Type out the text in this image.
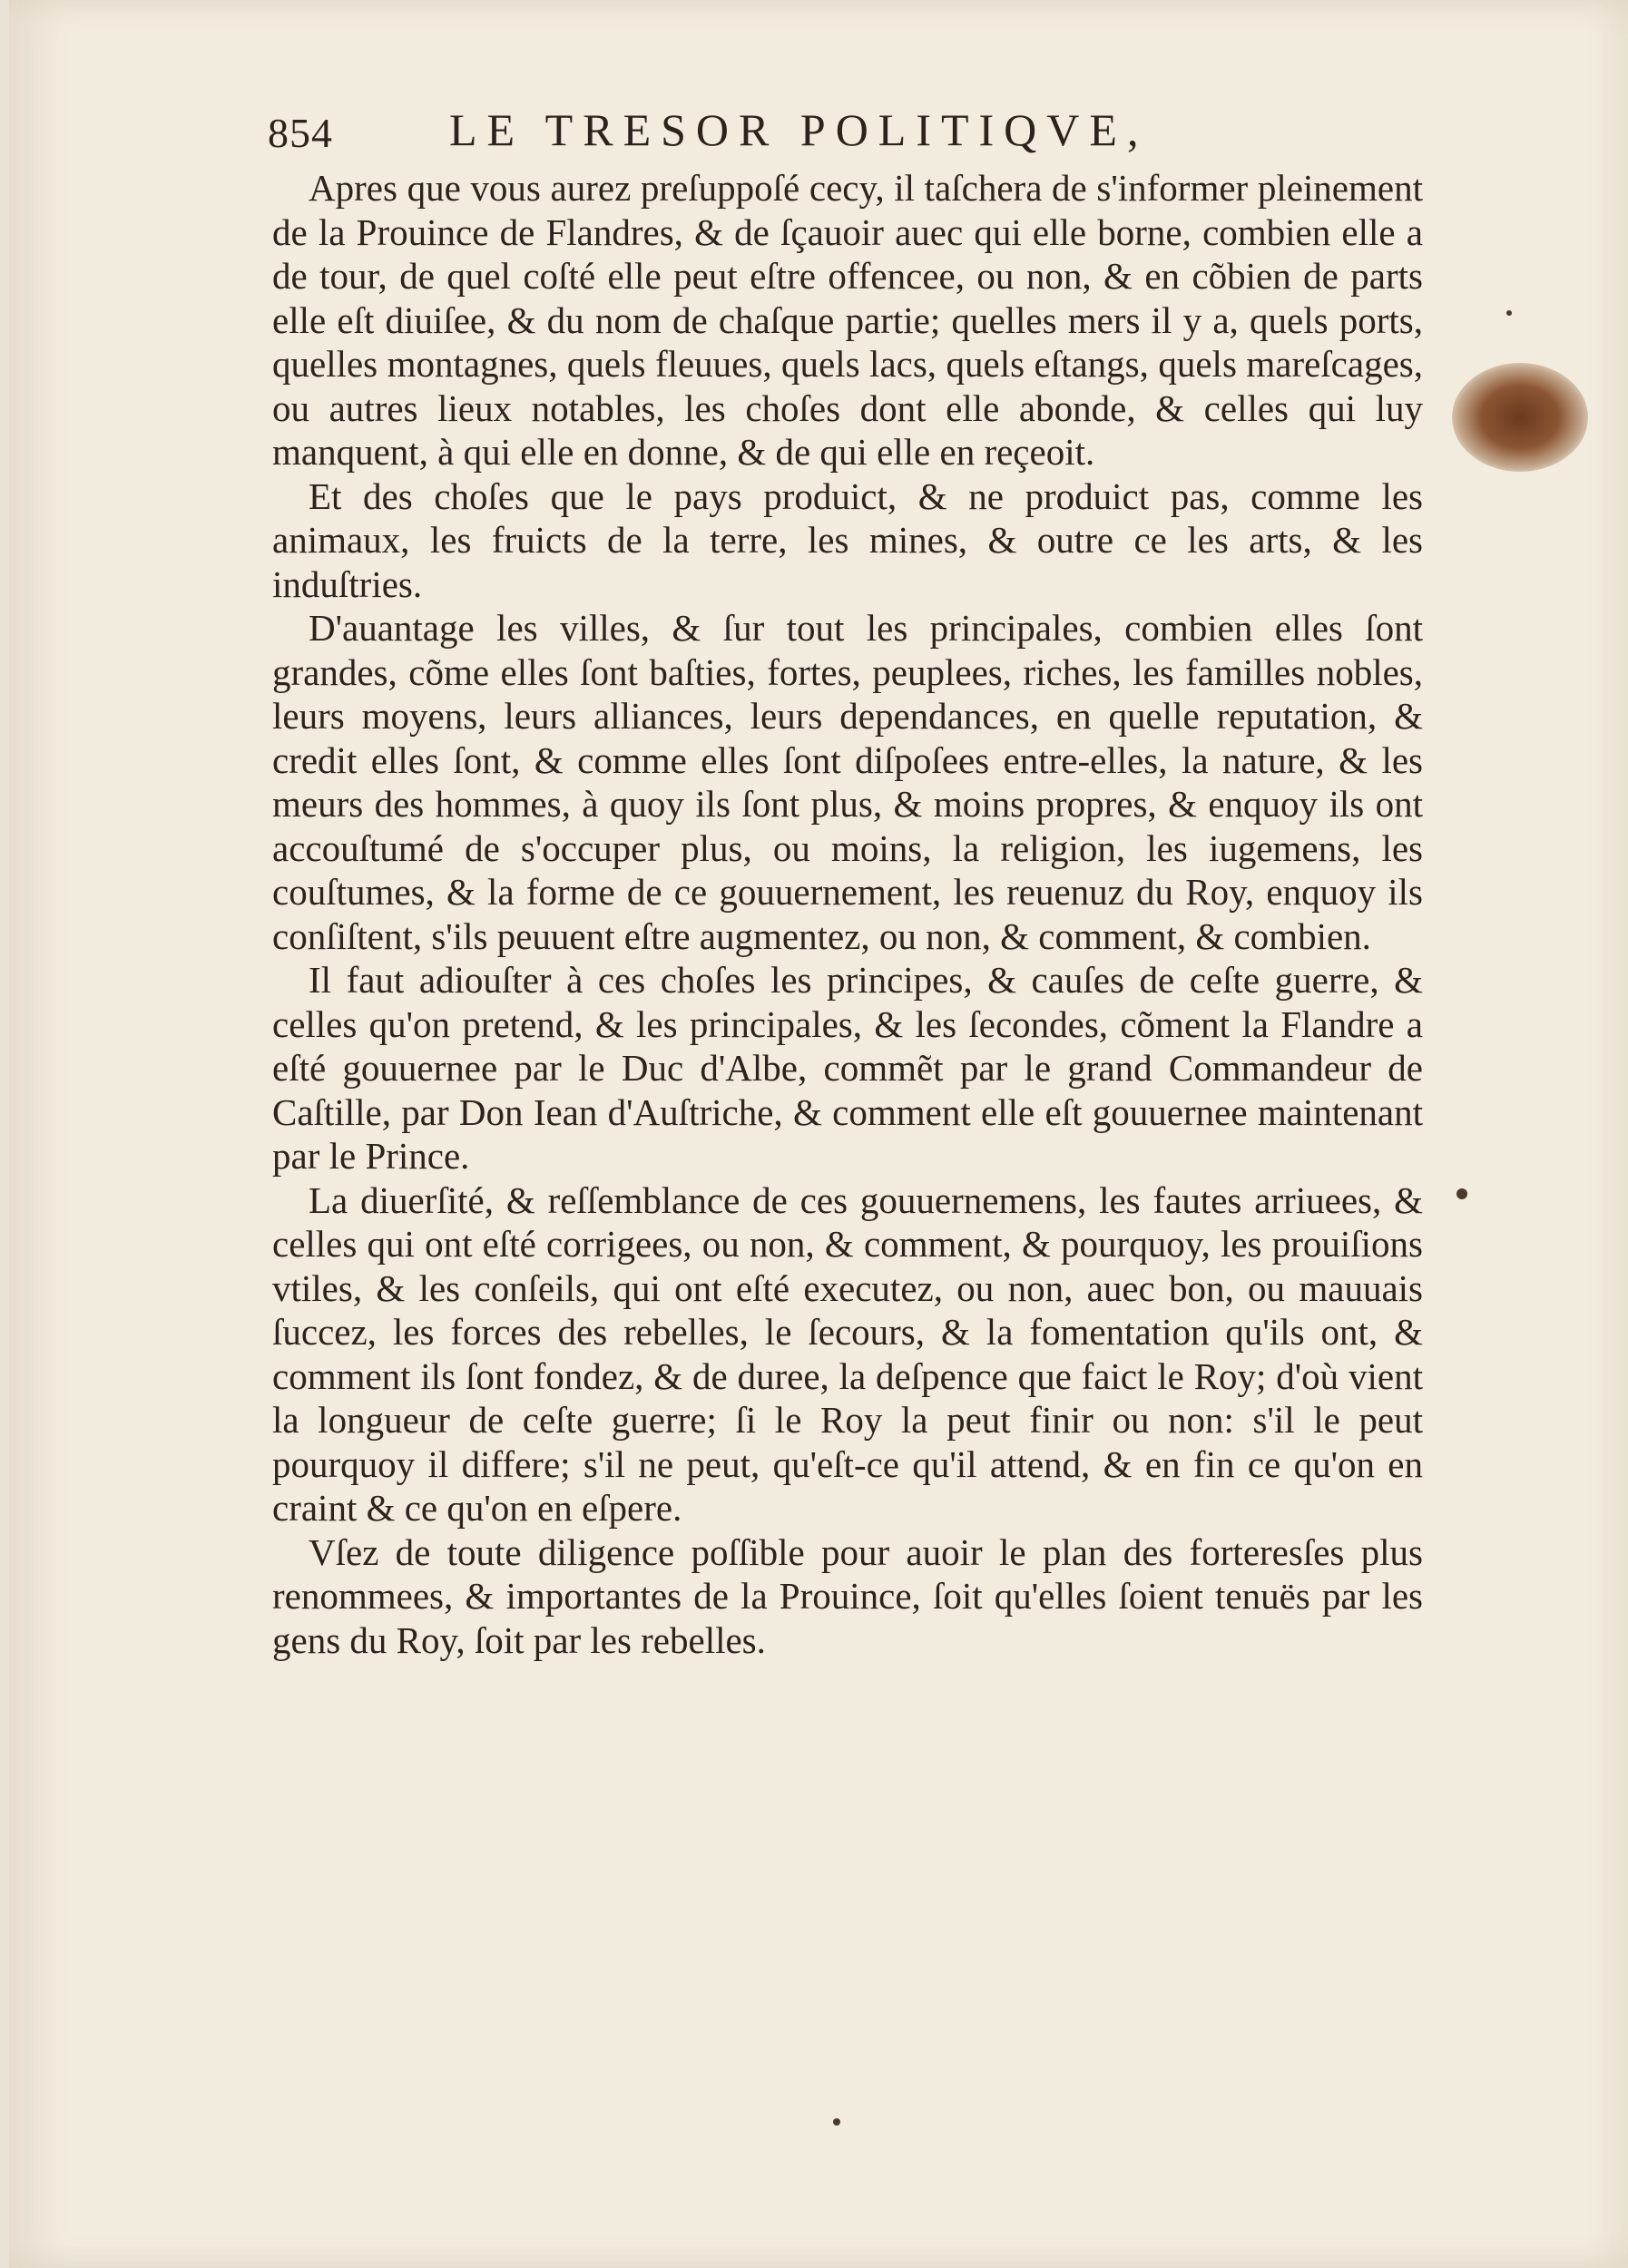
854	LE TRESOR POLITIQVE,

Apres que vous aurez preſuppoſé cecy, il taſchera de s'informer pleinement de la Prouince de Flandres, & de ſçauoir auec qui elle borne, combien elle a de tour, de quel coſté elle peut eſtre offencee, ou non, & en cõbien de parts elle eſt diuiſee, & du nom de chaſque partie; quelles mers il y a, quels ports, quelles montagnes, quels fleuues, quels lacs, quels eſtangs, quels mareſcages, ou autres lieux notables, les choſes dont elle abonde, & celles qui luy manquent, à qui elle en donne, & de qui elle en reçeoit.

Et des choſes que le pays produict, & ne produict pas, comme les animaux, les fruicts de la terre, les mines, & outre ce les arts, & les induſtries.

D'auantage les villes, & ſur tout les principales, combien elles ſont grandes, cõme elles ſont baſties, fortes, peuplees, riches, les familles nobles, leurs moyens, leurs alliances, leurs dependances, en quelle reputation, & credit elles ſont, & comme elles ſont diſpoſees entre-elles, la nature, & les meurs des hommes, à quoy ils ſont plus, & moins propres, & enquoy ils ont accouſtumé de s'occuper plus, ou moins, la religion, les iugemens, les couſtumes, & la forme de ce gouuernement, les reuenuz du Roy, enquoy ils conſiſtent, s'ils peuuent eſtre augmentez, ou non, & comment, & combien.

Il faut adiouſter à ces choſes les principes, & cauſes de ceſte guerre, & celles qu'on pretend, & les principales, & les ſecondes, cõment la Flandre a eſté gouuernee par le Duc d'Albe, commẽt par le grand Commandeur de Caſtille, par Don Iean d'Auſtriche, & comment elle eſt gouuernee maintenant par le Prince.

La diuerſité, & reſſemblance de ces gouuernemens, les fautes arriuees, & celles qui ont eſté corrigees, ou non, & comment, & pourquoy, les prouiſions vtiles, & les conſeils, qui ont eſté executez, ou non, auec bon, ou mauuais ſuccez, les forces des rebelles, le ſecours, & la fomentation qu'ils ont, & comment ils ſont fondez, & de duree, la deſpence que faict le Roy; d'où vient la longueur de ceſte guerre; ſi le Roy la peut finir ou non: s'il le peut pourquoy il differe; s'il ne peut, qu'eſt-ce qu'il attend, & en fin ce qu'on en craint & ce qu'on en eſpere.

Vſez de toute diligence poſſible pour auoir le plan des forteresſes plus renommees, & importantes de la Prouince, ſoit qu'elles ſoient tenuës par les gens du Roy, ſoit par les rebelles.
